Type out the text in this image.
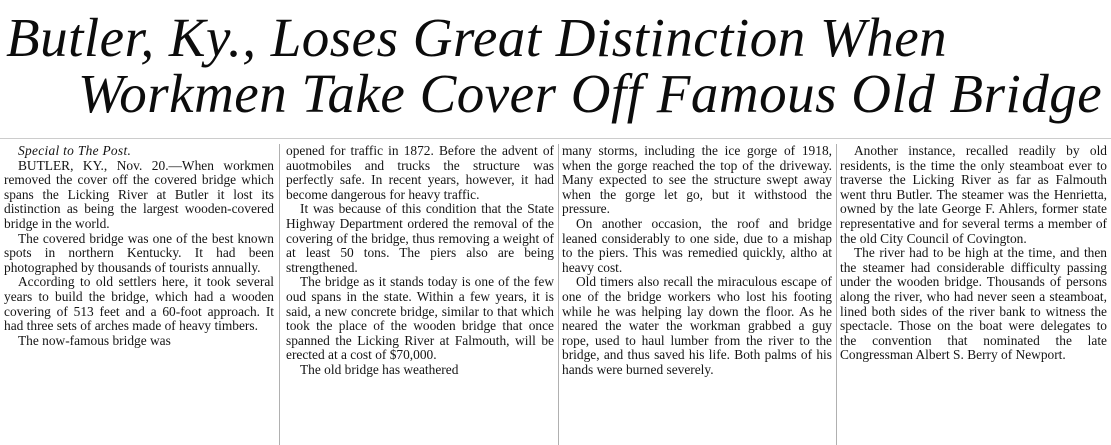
Butler, Ky., Loses Great Distinction When
Workmen Take Cover Off Famous Old Bridge

Special to The Post.

BUTLER, KY., Nov. 20.—When workmen removed the cover off the covered bridge which spans the Licking River at Butler it lost its distinction as being the largest wooden-covered bridge in the world.

The covered bridge was one of the best known spots in northern Kentucky. It had been photographed by thousands of tourists annually.

According to old settlers here, it took several years to build the bridge, which had a wooden covering of 513 feet and a 60-foot approach. It had three sets of arches made of heavy timbers.

The now-famous bridge was

opened for traffic in 1872. Before the advent of auotmobiles and trucks the structure was perfectly safe. In recent years, however, it had become dangerous for heavy traffic.

It was because of this condition that the State Highway Department ordered the removal of the covering of the bridge, thus removing a weight of at least 50 tons. The piers also are being strengthened.

The bridge as it stands today is one of the few oud spans in the state. Within a few years, it is said, a new concrete bridge, similar to that which took the place of the wooden bridge that once spanned the Licking River at Falmouth, will be erected at a cost of $70,000.

The old bridge has weathered

many storms, including the ice gorge of 1918, when the gorge reached the top of the driveway. Many expected to see the structure swept away when the gorge let go, but it withstood the pressure.

On another occasion, the roof and bridge leaned considerably to one side, due to a mishap to the piers. This was remedied quickly, altho at heavy cost.

Old timers also recall the miraculous escape of one of the bridge workers who lost his footing while he was helping lay down the floor. As he neared the water the workman grabbed a guy rope, used to haul lumber from the river to the bridge, and thus saved his life. Both palms of his hands were burned severely.

Another instance, recalled readily by old residents, is the time the only steamboat ever to traverse the Licking River as far as Falmouth went thru Butler. The steamer was the Henrietta, owned by the late George F. Ahlers, former state representative and for several terms a member of the old City Council of Covington.

The river had to be high at the time, and then the steamer had considerable difficulty passing under the wooden bridge. Thousands of persons along the river, who had never seen a steamboat, lined both sides of the river bank to witness the spectacle. Those on the boat were delegates to the convention that nominated the late Congressman Albert S. Berry of Newport.
